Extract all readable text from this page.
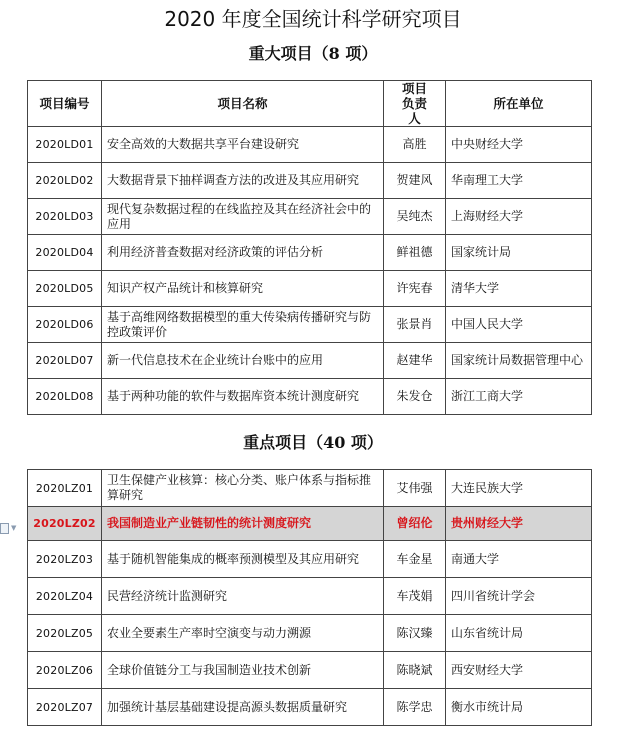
2020 年度全国统计科学研究项目
重大项目（8 项）
项目编号	项目名称	项目负责人	所在单位
2020LD01	安全高效的大数据共享平台建设研究	高胜	中央财经大学
2020LD02	大数据背景下抽样调查方法的改进及其应用研究	贺建风	华南理工大学
2020LD03	现代复杂数据过程的在线监控及其在经济社会中的应用	吴纯杰	上海财经大学
2020LD04	利用经济普查数据对经济政策的评估分析	鲜祖德	国家统计局
2020LD05	知识产权产品统计和核算研究	许宪春	清华大学
2020LD06	基于高维网络数据模型的重大传染病传播研究与防控政策评价	张景肖	中国人民大学
2020LD07	新一代信息技术在企业统计台账中的应用	赵建华	国家统计局数据管理中心
2020LD08	基于两种功能的软件与数据库资本统计测度研究	朱发仓	浙江工商大学
重点项目（40 项）
▼
2020LZ01	卫生保健产业核算：核心分类、账户体系与指标推算研究	艾伟强	大连民族大学
2020LZ02	我国制造业产业链韧性的统计测度研究	曾绍伦	贵州财经大学
2020LZ03	基于随机智能集成的概率预测模型及其应用研究	车金星	南通大学
2020LZ04	民营经济统计监测研究	车茂娟	四川省统计学会
2020LZ05	农业全要素生产率时空演变与动力溯源	陈汉臻	山东省统计局
2020LZ06	全球价值链分工与我国制造业技术创新	陈晓斌	西安财经大学
2020LZ07	加强统计基层基础建设提高源头数据质量研究	陈学忠	衡水市统计局
